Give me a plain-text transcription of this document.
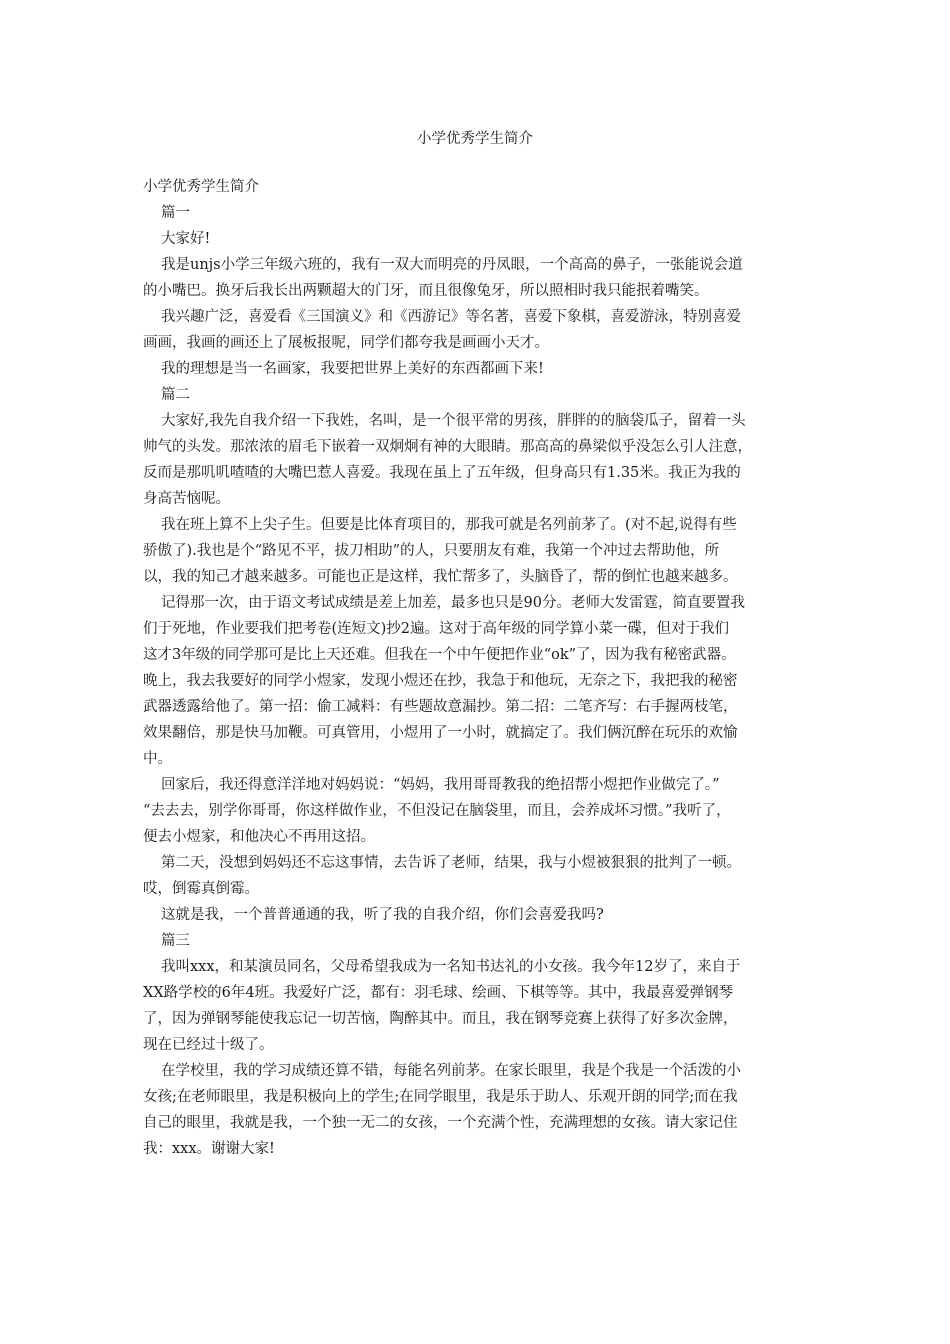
小学优秀学生简介

小学优秀学生简介

篇一

大家好!

我是unjs小学三年级六班的，我有一双大而明亮的丹凤眼，一个高高的鼻子，一张能说会道

的小嘴巴。换牙后我长出两颗超大的门牙，而且很像兔牙，所以照相时我只能抿着嘴笑。

我兴趣广泛，喜爱看《三国演义》和《西游记》等名著，喜爱下象棋，喜爱游泳，特别喜爱

画画，我画的画还上了展板报呢，同学们都夸我是画画小天才。

我的理想是当一名画家，我要把世界上美好的东西都画下来!

篇二

大家好,我先自我介绍一下我姓，名叫，是一个很平常的男孩，胖胖的的脑袋瓜子，留着一头

帅气的头发。那浓浓的眉毛下嵌着一双炯炯有神的大眼睛。那高高的鼻梁似乎没怎么引人注意，

反而是那叽叽喳喳的大嘴巴惹人喜爱。我现在虽上了五年级，但身高只有1.35米。我正为我的

身高苦恼呢。

我在班上算不上尖子生。但要是比体育项目的，那我可就是名列前茅了。(对不起,说得有些

骄傲了).我也是个“路见不平，拔刀相助”的人，只要朋友有难，我第一个冲过去帮助他，所

以，我的知己才越来越多。可能也正是这样，我忙帮多了，头脑昏了，帮的倒忙也越来越多。

记得那一次，由于语文考试成绩是差上加差，最多也只是90分。老师大发雷霆，简直要置我

们于死地，作业要我们把考卷(连短文)抄2遍。这对于高年级的同学算小菜一碟，但对于我们

这才3年级的同学那可是比上天还难。但我在一个中午便把作业“ok”了，因为我有秘密武器。

晚上，我去我要好的同学小煜家，发现小煜还在抄，我急于和他玩，无奈之下，我把我的秘密

武器透露给他了。第一招：偷工减料：有些题故意漏抄。第二招：二笔齐写：右手握两枝笔，

效果翻倍，那是快马加鞭。可真管用，小煜用了一小时，就搞定了。我们俩沉醉在玩乐的欢愉

中。

回家后，我还得意洋洋地对妈妈说：“妈妈，我用哥哥教我的绝招帮小煜把作业做完了。”

“去去去，别学你哥哥，你这样做作业，不但没记在脑袋里，而且，会养成坏习惯。”我听了，

便去小煜家，和他决心不再用这招。

第二天，没想到妈妈还不忘这事情，去告诉了老师，结果，我与小煜被狠狠的批判了一顿。

哎，倒霉真倒霉。

这就是我，一个普普通通的我，听了我的自我介绍，你们会喜爱我吗?

篇三

我叫xxx，和某演员同名，父母希望我成为一名知书达礼的小女孩。我今年12岁了，来自于

XX路学校的6年4班。我爱好广泛，都有：羽毛球、绘画、下棋等等。其中，我最喜爱弹钢琴

了，因为弹钢琴能使我忘记一切苦恼，陶醉其中。而且，我在钢琴竞赛上获得了好多次金牌，

现在已经过十级了。

在学校里，我的学习成绩还算不错，每能名列前茅。在家长眼里，我是个我是一个活泼的小

女孩;在老师眼里，我是积极向上的学生;在同学眼里，我是乐于助人、乐观开朗的同学;而在我

自己的眼里，我就是我，一个独一无二的女孩，一个充满个性，充满理想的女孩。请大家记住

我：xxx。谢谢大家!
